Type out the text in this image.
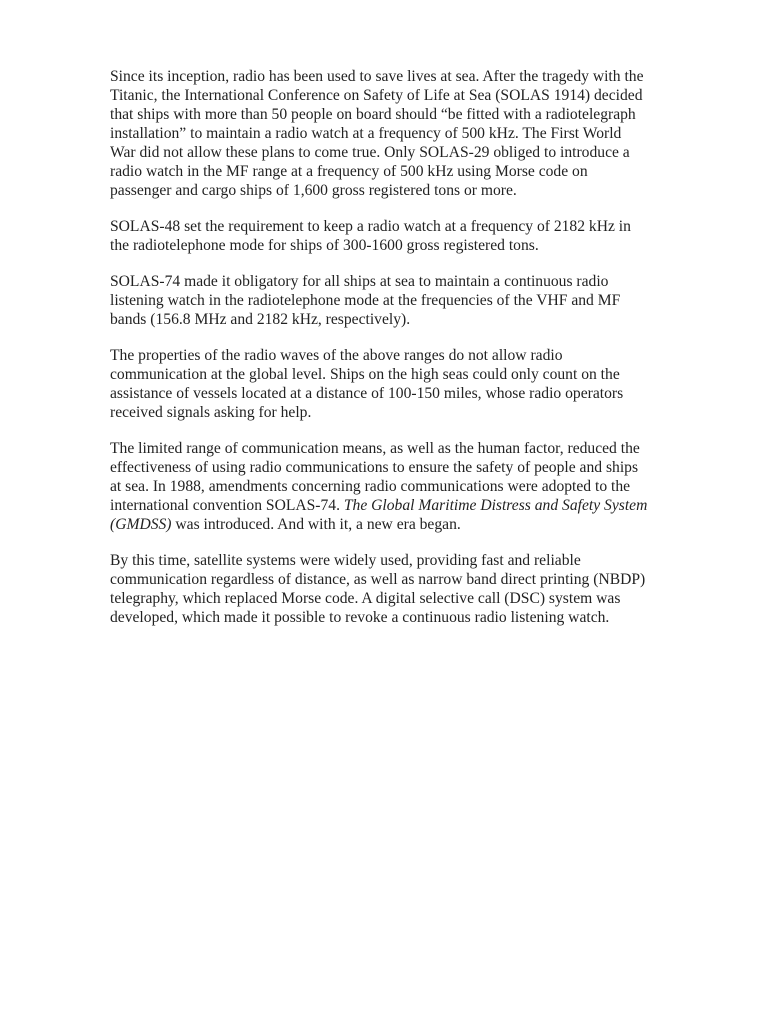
Since its inception, radio has been used to save lives at sea. After the tragedy with the
Titanic, the International Conference on Safety of Life at Sea (SOLAS 1914) decided
that ships with more than 50 people on board should “be fitted with a radiotelegraph
installation” to maintain a radio watch at a frequency of 500 kHz. The First World
War did not allow these plans to come true. Only SOLAS-29 obliged to introduce a
radio watch in the MF range at a frequency of 500 kHz using Morse code on
passenger and cargo ships of 1,600 gross registered tons or more.

SOLAS-48 set the requirement to keep a radio watch at a frequency of 2182 kHz in
the radiotelephone mode for ships of 300-1600 gross registered tons.

SOLAS-74 made it obligatory for all ships at sea to maintain a continuous radio
listening watch in the radiotelephone mode at the frequencies of the VHF and MF
bands (156.8 MHz and 2182 kHz, respectively).

The properties of the radio waves of the above ranges do not allow radio
communication at the global level. Ships on the high seas could only count on the
assistance of vessels located at a distance of 100-150 miles, whose radio operators
received signals asking for help.

The limited range of communication means, as well as the human factor, reduced the
effectiveness of using radio communications to ensure the safety of people and ships
at sea. In 1988, amendments concerning radio communications were adopted to the
international convention SOLAS-74. The Global Maritime Distress and Safety System
(GMDSS) was introduced. And with it, a new era began.

By this time, satellite systems were widely used, providing fast and reliable
communication regardless of distance, as well as narrow band direct printing (NBDP)
telegraphy, which replaced Morse code. A digital selective call (DSC) system was
developed, which made it possible to revoke a continuous radio listening watch.
